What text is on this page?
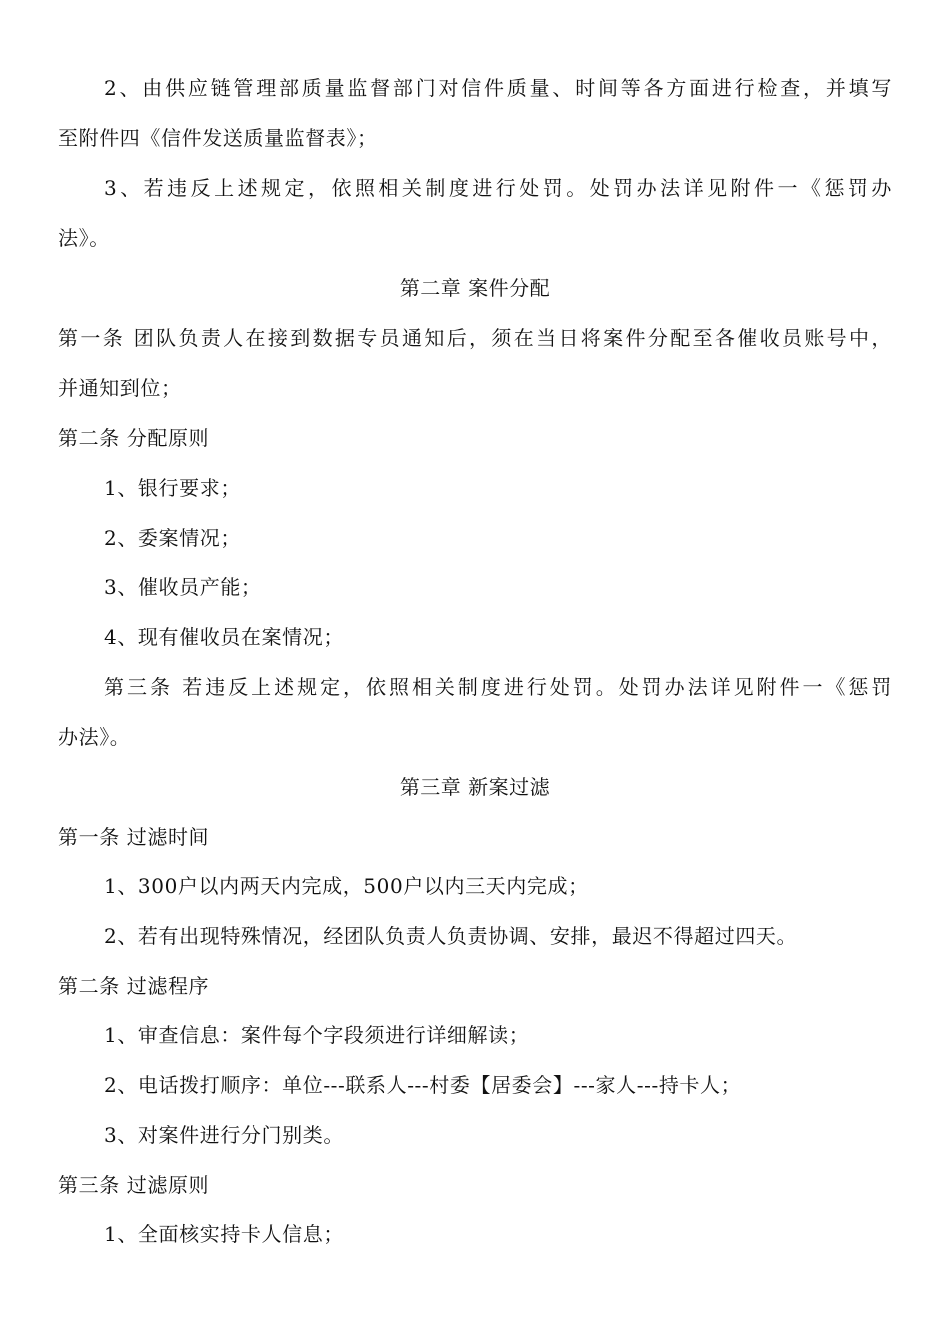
2、由供应链管理部质量监督部门对信件质量、时间等各方面进行检查，并填写
至附件四《信件发送质量监督表》；
3、若违反上述规定，依照相关制度进行处罚。处罚办法详见附件一《惩罚办
法》。
第二章 案件分配
第一条 团队负责人在接到数据专员通知后，须在当日将案件分配至各催收员账号中，
并通知到位；
第二条 分配原则
1、银行要求；
2、委案情况；
3、催收员产能；
4、现有催收员在案情况；
第三条 若违反上述规定，依照相关制度进行处罚。处罚办法详见附件一《惩罚
办法》。
第三章 新案过滤
第一条 过滤时间
1、300户以内两天内完成，500户以内三天内完成；
2、若有出现特殊情况，经团队负责人负责协调、安排，最迟不得超过四天。
第二条 过滤程序
1、审查信息：案件每个字段须进行详细解读；
2、电话拨打顺序：单位---联系人---村委【居委会】---家人---持卡人；
3、对案件进行分门别类。
第三条 过滤原则
1、全面核实持卡人信息；
